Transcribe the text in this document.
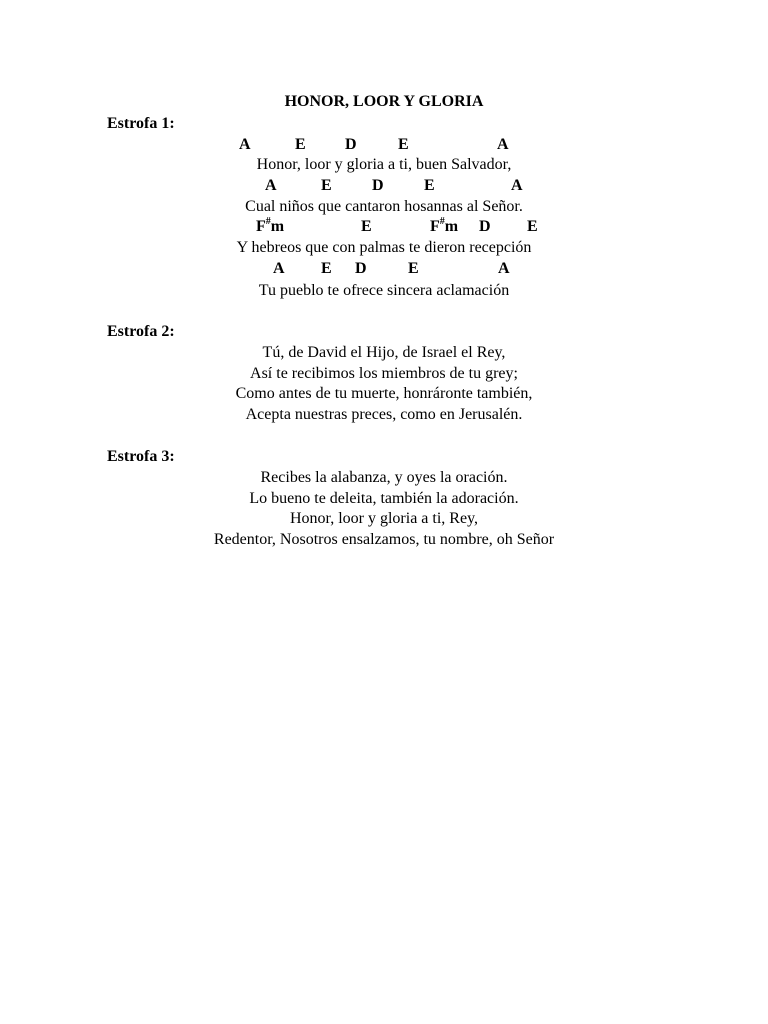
HONOR, LOOR Y GLORIA
Estrofa 1:
A	E D	E	A
Honor, loor y gloria a ti, buen Salvador,
A	E	D	E	A
Cual niños que cantaron hosannas al Señor.
F#m	E	F#m D E
Y hebreos que con palmas te dieron recepción
A E D	E	A
Tu pueblo te ofrece sincera aclamación
Estrofa 2:
Tú, de David el Hijo, de Israel el Rey,
Así te recibimos los miembros de tu grey;
Como antes de tu muerte, honráronte también,
Acepta nuestras preces, como en Jerusalén.
Estrofa 3:
Recibes la alabanza, y oyes la oración.
Lo bueno te deleita, también la adoración.
Honor, loor y gloria a ti, Rey,
Redentor, Nosotros ensalzamos, tu nombre, oh Señor
